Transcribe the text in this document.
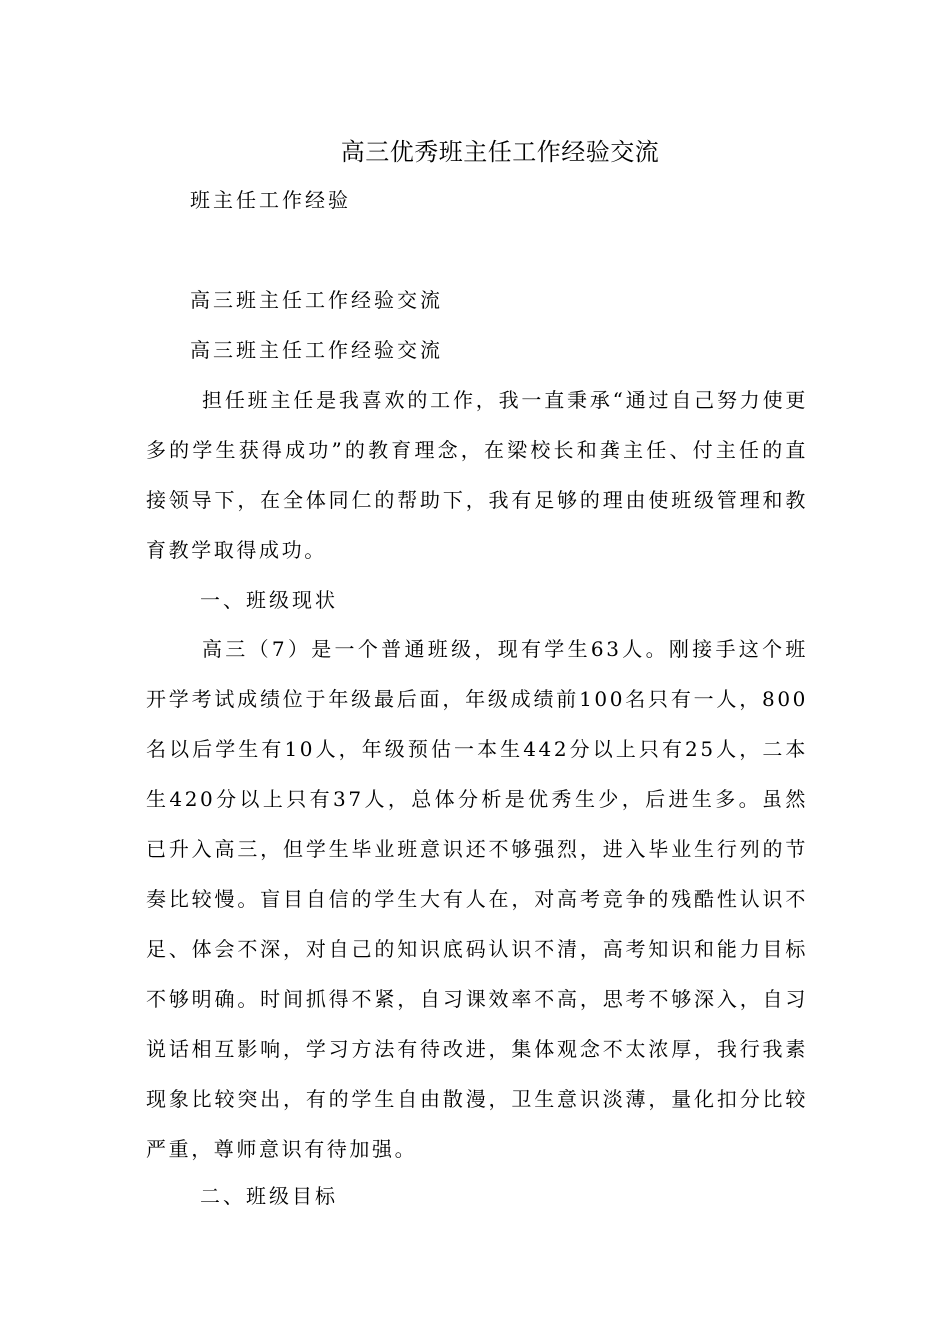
高三优秀班主任工作经验交流
班主任工作经验
高三班主任工作经验交流
高三班主任工作经验交流
担任班主任是我喜欢的工作，我一直秉承“通过自己努力使更多的学生获得成功”的教育理念，在梁校长和龚主任、付主任的直接领导下，在全体同仁的帮助下，我有足够的理由使班级管理和教育教学取得成功。
一、班级现状
高三（7）是一个普通班级，现有学生63人。刚接手这个班开学考试成绩位于年级最后面，年级成绩前100名只有一人，800名以后学生有10人，年级预估一本生442分以上只有25人，二本生420分以上只有37人，总体分析是优秀生少，后进生多。虽然已升入高三，但学生毕业班意识还不够强烈，进入毕业生行列的节奏比较慢。盲目自信的学生大有人在，对高考竞争的残酷性认识不足、体会不深，对自己的知识底码认识不清，高考知识和能力目标不够明确。时间抓得不紧，自习课效率不高，思考不够深入，自习说话相互影响，学习方法有待改进，集体观念不太浓厚，我行我素现象比较突出，有的学生自由散漫，卫生意识淡薄，量化扣分比较严重，尊师意识有待加强。
二、班级目标
